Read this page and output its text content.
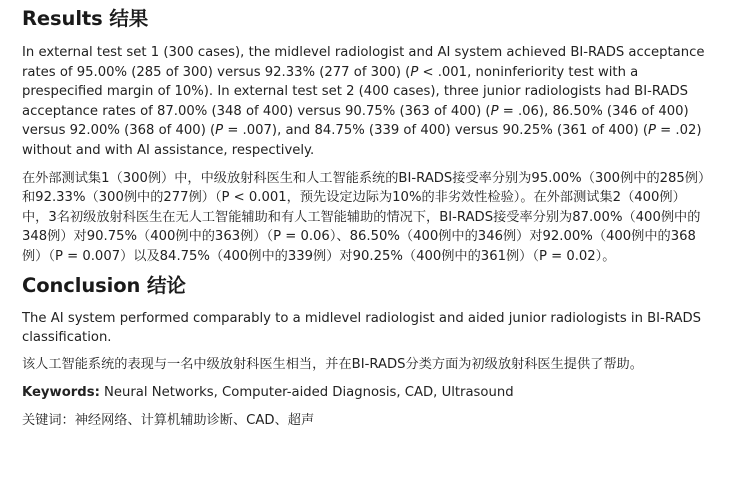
Results 结果

In external test set 1 (300 cases), the midlevel radiologist and AI system achieved BI-RADS acceptance rates of 95.00% (285 of 300) versus 92.33% (277 of 300) (P < .001, noninferiority test with a prespecified margin of 10%). In external test set 2 (400 cases), three junior radiologists had BI-RADS acceptance rates of 87.00% (348 of 400) versus 90.75% (363 of 400) (P = .06), 86.50% (346 of 400) versus 92.00% (368 of 400) (P = .007), and 84.75% (339 of 400) versus 90.25% (361 of 400) (P = .02) without and with AI assistance, respectively.

在外部测试集1（300例）中，中级放射科医生和人工智能系统的BI-RADS接受率分别为95.00%（300例中的285例）和92.33%（300例中的277例）（P < 0.001，预先设定边际为10%的非劣效性检验）。在外部测试集2（400例）中，3名初级放射科医生在无人工智能辅助和有人工智能辅助的情况下，BI-RADS接受率分别为87.00%（400例中的348例）对90.75%（400例中的363例）（P = 0.06）、86.50%（400例中的346例）对92.00%（400例中的368例）（P = 0.007）以及84.75%（400例中的339例）对90.25%（400例中的361例）（P = 0.02）。

Conclusion 结论

The AI system performed comparably to a midlevel radiologist and aided junior radiologists in BI-RADS classification.

该人工智能系统的表现与一名中级放射科医生相当，并在BI-RADS分类方面为初级放射科医生提供了帮助。

Keywords: Neural Networks, Computer-aided Diagnosis, CAD, Ultrasound

关键词：神经网络、计算机辅助诊断、CAD、超声
